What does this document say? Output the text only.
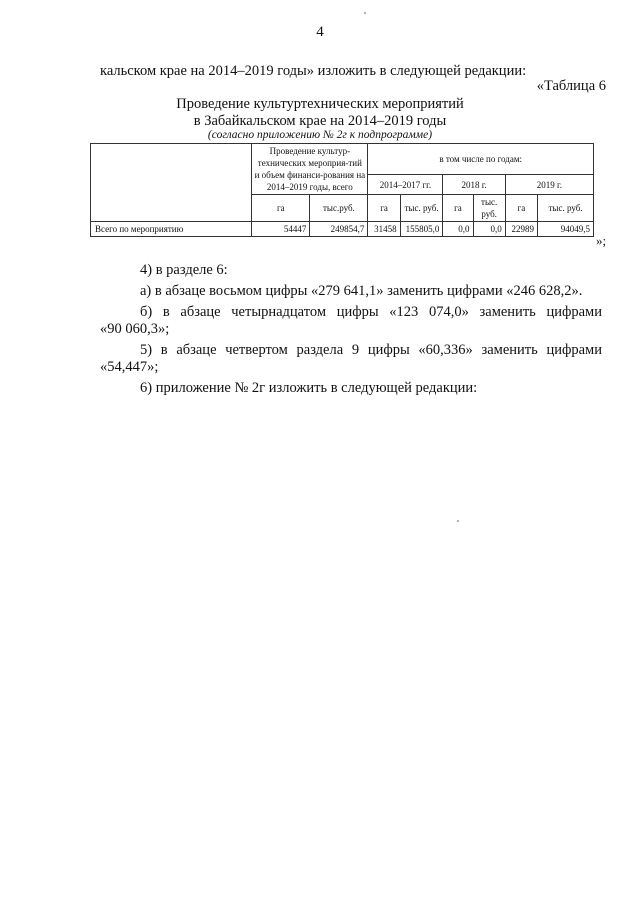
4
кальском крае на 2014–2019 годы» изложить в следующей редакции:
«Таблица 6
Проведение культуртехнических мероприятий
в Забайкальском крае на 2014–2019 годы
(согласно приложению № 2г к подпрограмме)
	Проведение культур-технических мероприя-тий и объем финанси-рования на 2014–2019 годы, всего		в том числе по годам:					
			2014–2017 гг.		2018 г.		2019 г.	
	га	тыс.руб.	га	тыс. руб.	га	тыс. руб.	га	тыс. руб.
Всего по мероприятию	54447	249854,7	31458	155805,0	0,0	0,0	22989	94049,5
»;
4) в разделе 6:
а) в абзаце восьмом цифры «279 641,1» заменить цифрами «246 628,2».
б) в абзаце четырнадцатом цифры «123 074,0» заменить цифрами
«90 060,3»;
5) в абзаце четвертом раздела 9 цифры «60,336» заменить цифрами
«54,447»;
6) приложение № 2г изложить в следующей редакции:
